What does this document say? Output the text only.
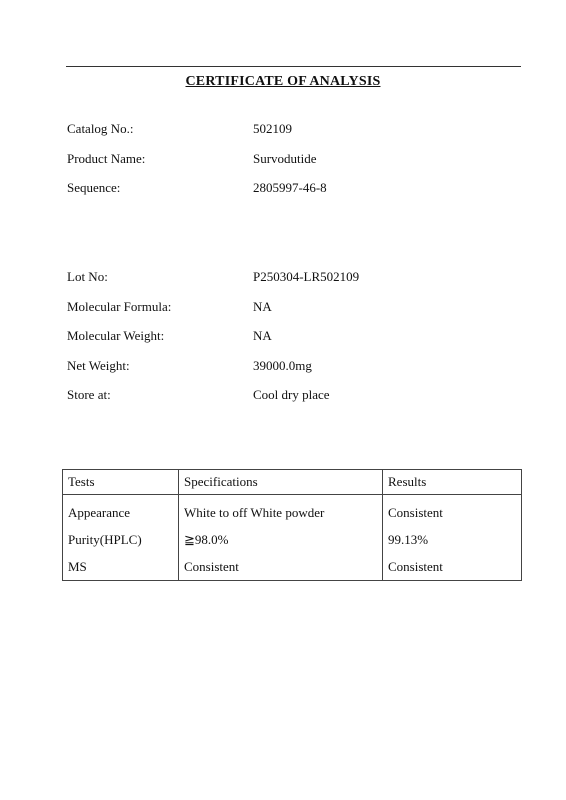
CERTIFICATE OF ANALYSIS
Catalog No.:	502109
Product Name:	Survodutide
Sequence:	2805997-46-8
Lot No:	P250304-LR502109
Molecular Formula:	NA
Molecular Weight:	NA
Net Weight:	39000.0mg
Store at:	Cool dry place
Tests	Specifications	Results
Appearance	White to off White powder	Consistent
Purity(HPLC)	≧98.0%	99.13%
MS	Consistent	Consistent
